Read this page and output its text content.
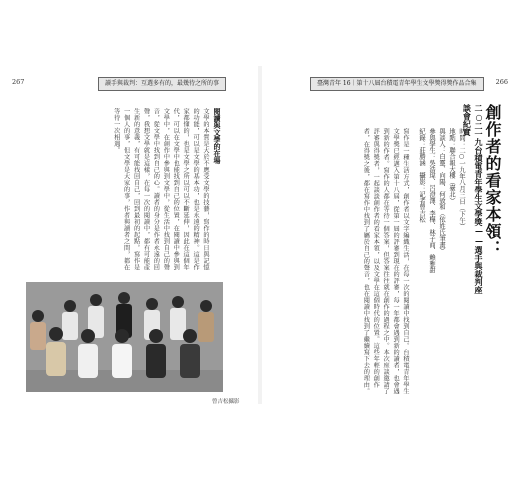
267	讀手與裁判：互選多有的，最幾待之所的事
閱讀與文學的在場
文學的本質是大於不應受文學的技藝，寫作的時日與記憶的功能，可以是文學的基本功，也是永遠的精神。這是作家都懂的，也是文學之所以可以不斷延伸，因此在這個年代，可以在文學中也能找到自己的位置，在閱讀中參與到文學中，在創作中參與到文學中，從生活中找到自己的聲音，從文學中找到自己的心。讀者的身分是作者永遠的回聲，我想文學就是這樣，在每一次的閱讀中，都有可能產生新的意義，有可能找回自己，回到最初的起點。寫作是一個人的事，但文學是大家的事，作者與讀者之間，都在等待一次相遇。
曾吉松攝影
臺灣青年 16｜第十八屆台積電青年學生文學獎得獎作品合集	266
創作者的看家本領：
二○二一九台積電青年學生文學獎——選手與裁判座談會紀實
時間：二○一九年八月三日（下午）
地點：聯合報大樓（臺北）
與談人：白靈、向陽、何致和（依姓氏筆畫）
參與學生：吳浩瑋、呂澄澤、李樺、林子商、賴雅甜
紀錄：莊勝涵　攝影：記者曾吉松
寫作是一種生活方式，創作者以文字編織生活，在每一次的閱讀中找到自己。台積電青年學生文學獎已經邁入第十八屆，從第一屆的評審到現在的評審，每一年都會遇到新的讀者，也會遇到新的作者。寫作的人都在等待一個答案，但答案往往就在創作的過程之中。本次座談邀請了評審與得獎者，一起談談創作者的看家本領，以及文學在這個時代的位置。這些年輕的創作者，在得獎之後，都在寫作中找到了屬於自己的聲音，也在閱讀中找到了繼續寫下去的理由。
